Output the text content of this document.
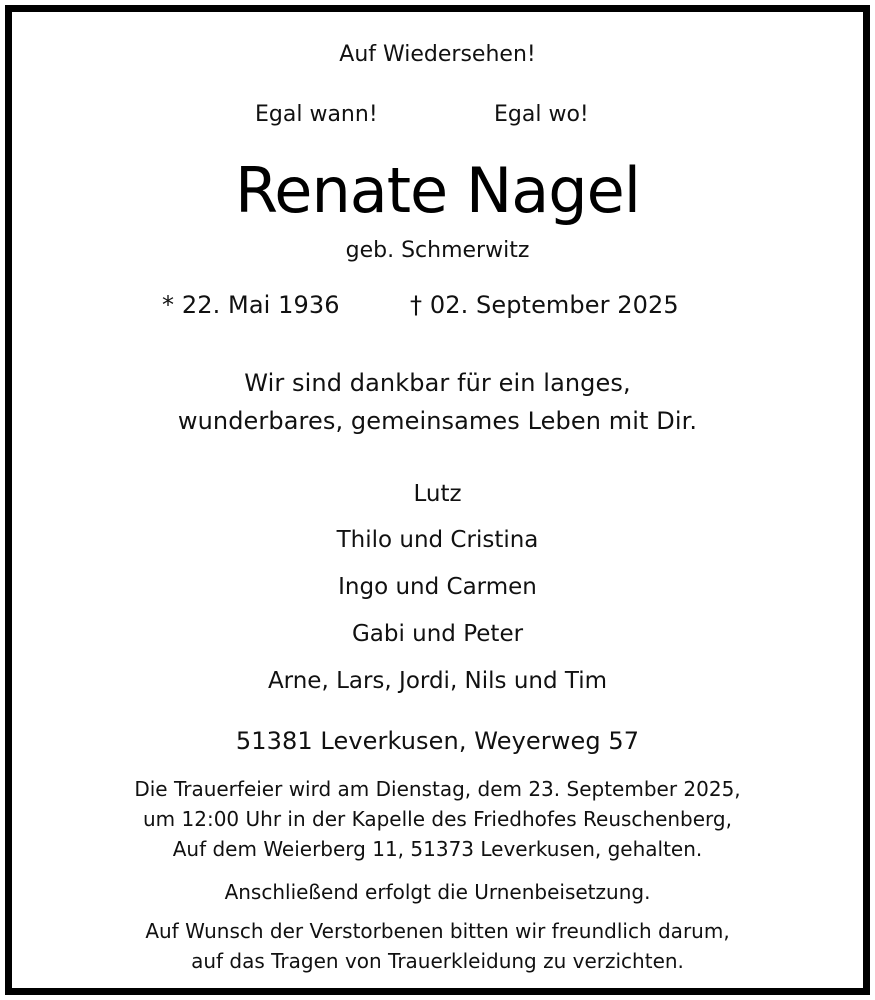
Auf Wiedersehen!
Egal wann!	Egal wo!
Renate Nagel
geb. Schmerwitz
* 22. Mai 1936	† 02. September 2025
Wir sind dankbar für ein langes,
wunderbares, gemeinsames Leben mit Dir.
Lutz
Thilo und Cristina
Ingo und Carmen
Gabi und Peter
Arne, Lars, Jordi, Nils und Tim
51381 Leverkusen, Weyerweg 57
Die Trauerfeier wird am Dienstag, dem 23. September 2025,
um 12:00 Uhr in der Kapelle des Friedhofes Reuschenberg,
Auf dem Weierberg 11, 51373 Leverkusen, gehalten.
Anschließend erfolgt die Urnenbeisetzung.
Auf Wunsch der Verstorbenen bitten wir freundlich darum,
auf das Tragen von Trauerkleidung zu verzichten.
